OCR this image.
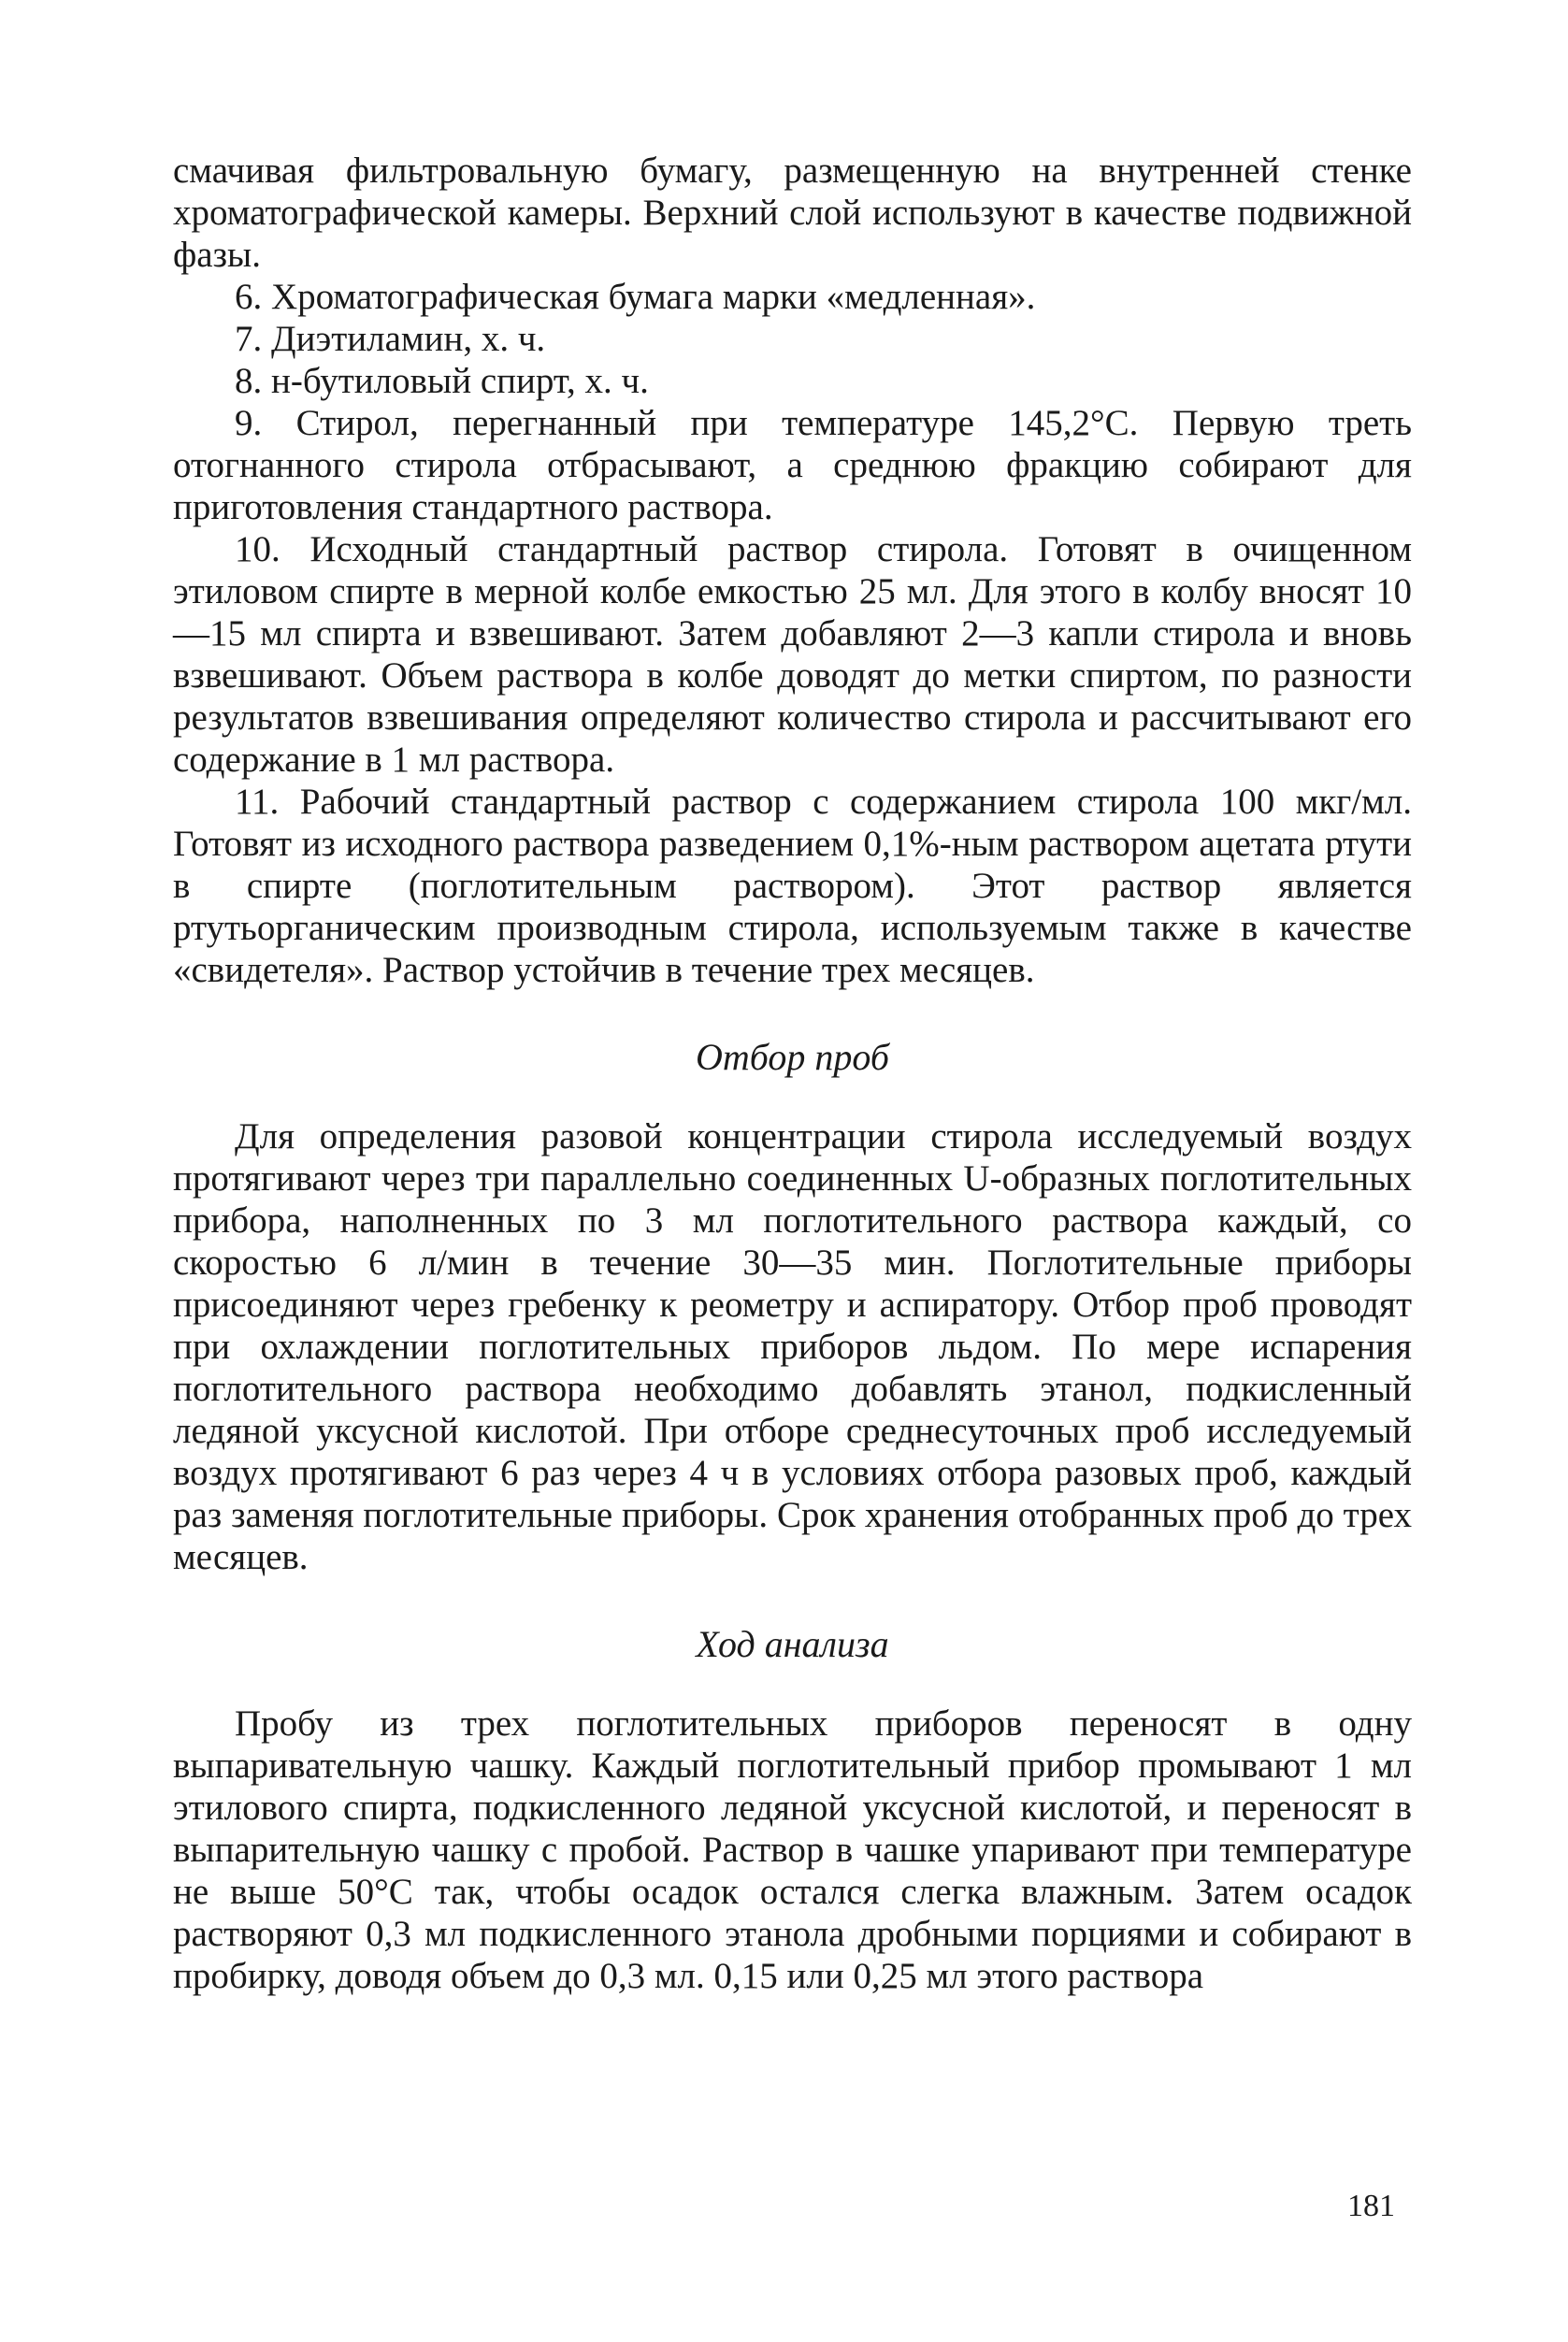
смачивая фильтровальную бумагу, размещенную на внутренней стенке хроматографической камеры. Верхний слой используют в качестве подвижной фазы.

6. Хроматографическая бумага марки «медленная».

7. Диэтиламин, х. ч.

8. н-бутиловый спирт, х. ч.

9. Стирол, перегнанный при температуре 145,2°С. Первую треть отогнанного стирола отбрасывают, а среднюю фракцию собирают для приготовления стандартного раствора.

10. Исходный стандартный раствор стирола. Готовят в очищенном этиловом спирте в мерной колбе емкостью 25 мл. Для этого в колбу вносят 10—15 мл спирта и взвешивают. Затем добавляют 2—3 капли стирола и вновь взвешивают. Объем раствора в колбе доводят до метки спиртом, по разности результатов взвешивания определяют количество стирола и рассчитывают его содержание в 1 мл раствора.

11. Рабочий стандартный раствор с содержанием стирола 100 мкг/мл. Готовят из исходного раствора разведением 0,1%-ным раствором ацетата ртути в спирте (поглотительным раствором). Этот раствор является ртутьорганическим производным стирола, используемым также в качестве «свидетеля». Раствор устойчив в течение трех месяцев.

Отбор проб

Для определения разовой концентрации стирола исследуемый воздух протягивают через три параллельно соединенных U-образных поглотительных прибора, наполненных по 3 мл поглотительного раствора каждый, со скоростью 6 л/мин в течение 30—35 мин. Поглотительные приборы присоединяют через гребенку к реометру и аспиратору. Отбор проб проводят при охлаждении поглотительных приборов льдом. По мере испарения поглотительного раствора необходимо добавлять этанол, подкисленный ледяной уксусной кислотой. При отборе среднесуточных проб исследуемый воздух протягивают 6 раз через 4 ч в условиях отбора разовых проб, каждый раз заменяя поглотительные приборы. Срок хранения отобранных проб до трех месяцев.

Ход анализа

Пробу из трех поглотительных приборов переносят в одну выпаривательную чашку. Каждый поглотительный прибор промывают 1 мл этилового спирта, подкисленного ледяной уксусной кислотой, и переносят в выпарительную чашку с пробой. Раствор в чашке упаривают при температуре не выше 50°С так, чтобы осадок остался слегка влажным. Затем осадок растворяют 0,3 мл подкисленного этанола дробными порциями и собирают в пробирку, доводя объем до 0,3 мл. 0,15 или 0,25 мл этого раствора

181
